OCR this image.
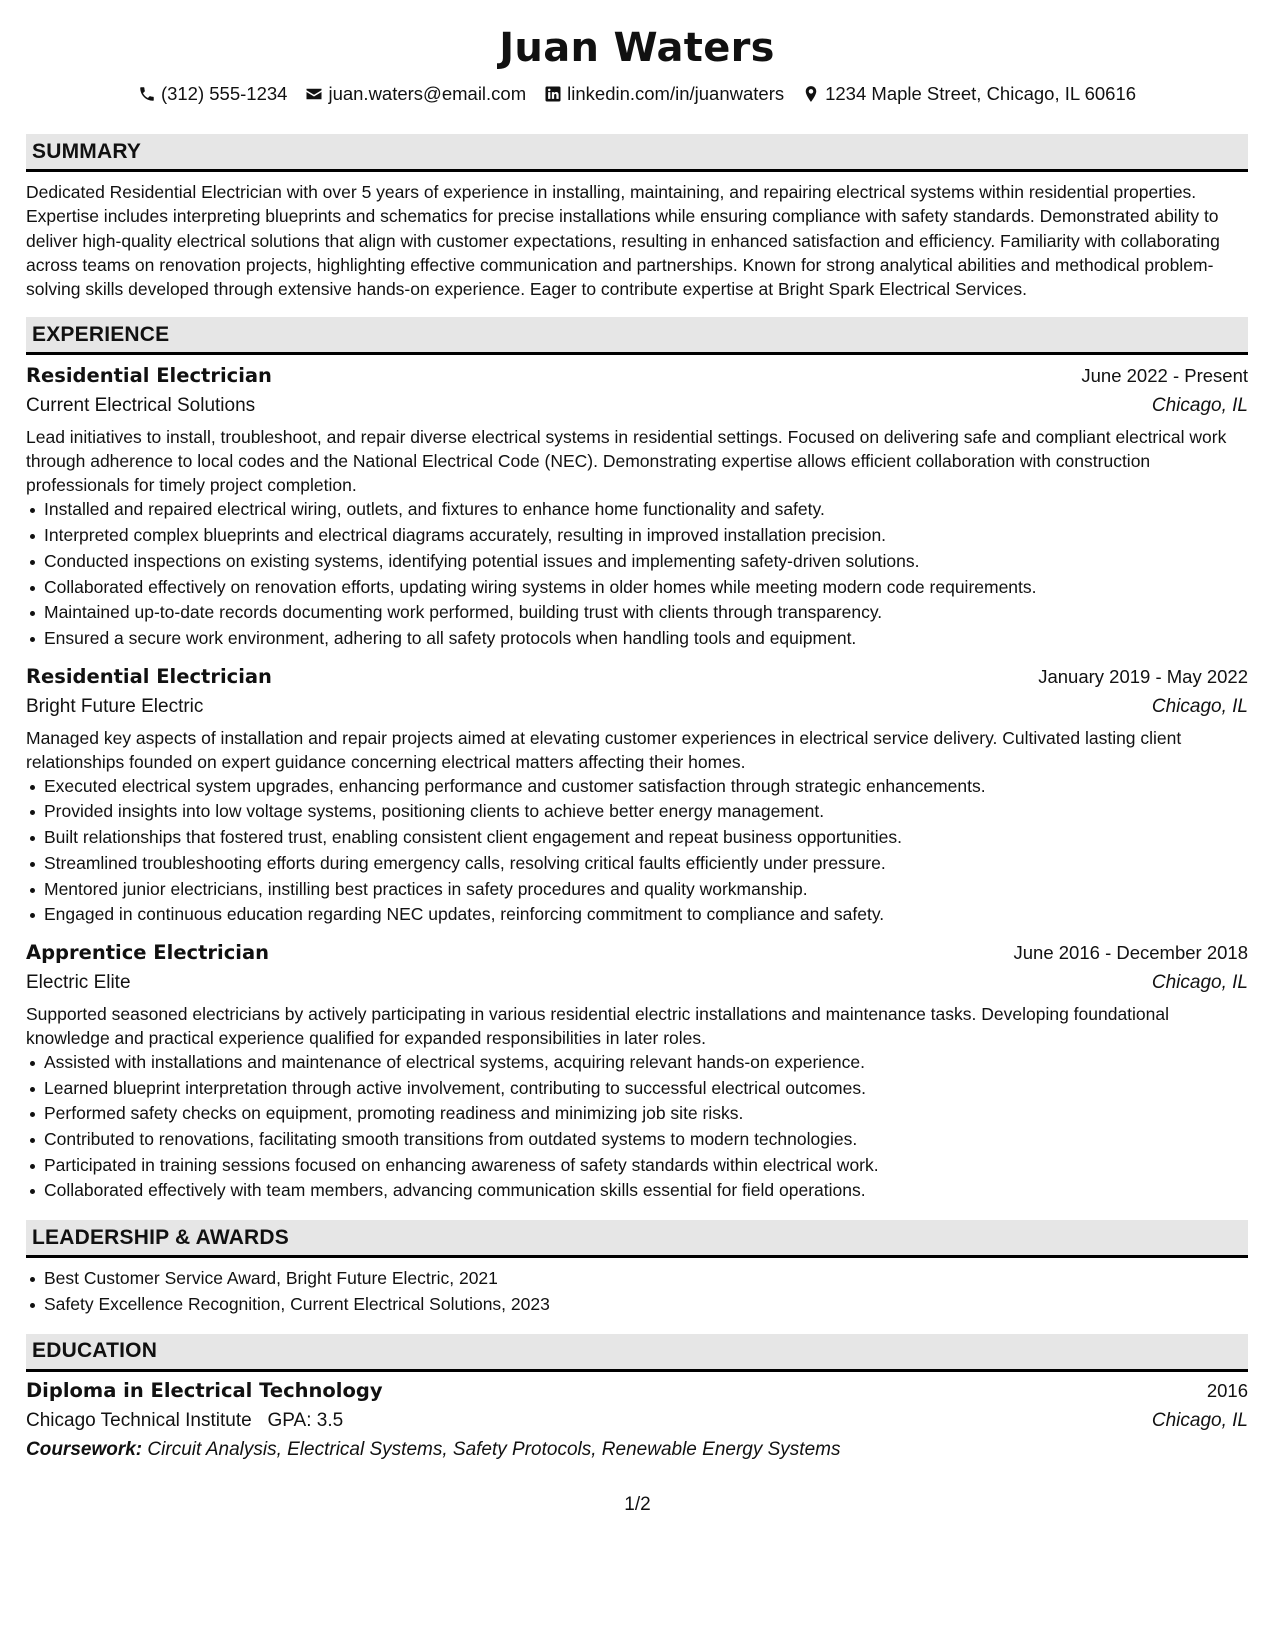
Juan Waters
(312) 555-1234 juan.waters@email.com linkedin.com/in/juanwaters 1234 Maple Street, Chicago, IL 60616
SUMMARY

Dedicated Residential Electrician with over 5 years of experience in installing, maintaining, and repairing electrical systems within residential properties. Expertise includes interpreting blueprints and schematics for precise installations while ensuring compliance with safety standards. Demonstrated ability to deliver high-quality electrical solutions that align with customer expectations, resulting in enhanced satisfaction and efficiency. Familiarity with collaborating across teams on renovation projects, highlighting effective communication and partnerships. Known for strong analytical abilities and methodical problem-solving skills developed through extensive hands-on experience. Eager to contribute expertise at Bright Spark Electrical Services.

EXPERIENCE
Residential Electrician	June 2022 - Present
Current Electrical Solutions	Chicago, IL
Lead initiatives to install, troubleshoot, and repair diverse electrical systems in residential settings. Focused on delivering safe and compliant electrical work through adherence to local codes and the National Electrical Code (NEC). Demonstrating expertise allows efficient collaboration with construction professionals for timely project completion.
Installed and repaired electrical wiring, outlets, and fixtures to enhance home functionality and safety.
Interpreted complex blueprints and electrical diagrams accurately, resulting in improved installation precision.
Conducted inspections on existing systems, identifying potential issues and implementing safety-driven solutions.
Collaborated effectively on renovation efforts, updating wiring systems in older homes while meeting modern code requirements.
Maintained up-to-date records documenting work performed, building trust with clients through transparency.
Ensured a secure work environment, adhering to all safety protocols when handling tools and equipment.
Residential Electrician	January 2019 - May 2022
Bright Future Electric	Chicago, IL
Managed key aspects of installation and repair projects aimed at elevating customer experiences in electrical service delivery. Cultivated lasting client relationships founded on expert guidance concerning electrical matters affecting their homes.
Executed electrical system upgrades, enhancing performance and customer satisfaction through strategic enhancements.
Provided insights into low voltage systems, positioning clients to achieve better energy management.
Built relationships that fostered trust, enabling consistent client engagement and repeat business opportunities.
Streamlined troubleshooting efforts during emergency calls, resolving critical faults efficiently under pressure.
Mentored junior electricians, instilling best practices in safety procedures and quality workmanship.
Engaged in continuous education regarding NEC updates, reinforcing commitment to compliance and safety.
Apprentice Electrician	June 2016 - December 2018
Electric Elite	Chicago, IL
Supported seasoned electricians by actively participating in various residential electric installations and maintenance tasks. Developing foundational knowledge and practical experience qualified for expanded responsibilities in later roles.
Assisted with installations and maintenance of electrical systems, acquiring relevant hands-on experience.
Learned blueprint interpretation through active involvement, contributing to successful electrical outcomes.
Performed safety checks on equipment, promoting readiness and minimizing job site risks.
Contributed to renovations, facilitating smooth transitions from outdated systems to modern technologies.
Participated in training sessions focused on enhancing awareness of safety standards within electrical work.
Collaborated effectively with team members, advancing communication skills essential for field operations.
LEADERSHIP & AWARDS
Best Customer Service Award, Bright Future Electric, 2021
Safety Excellence Recognition, Current Electrical Solutions, 2023
EDUCATION
Diploma in Electrical Technology	2016
Chicago Technical Institute GPA: 3.5	Chicago, IL
Coursework: Circuit Analysis, Electrical Systems, Safety Protocols, Renewable Energy Systems
1/2
